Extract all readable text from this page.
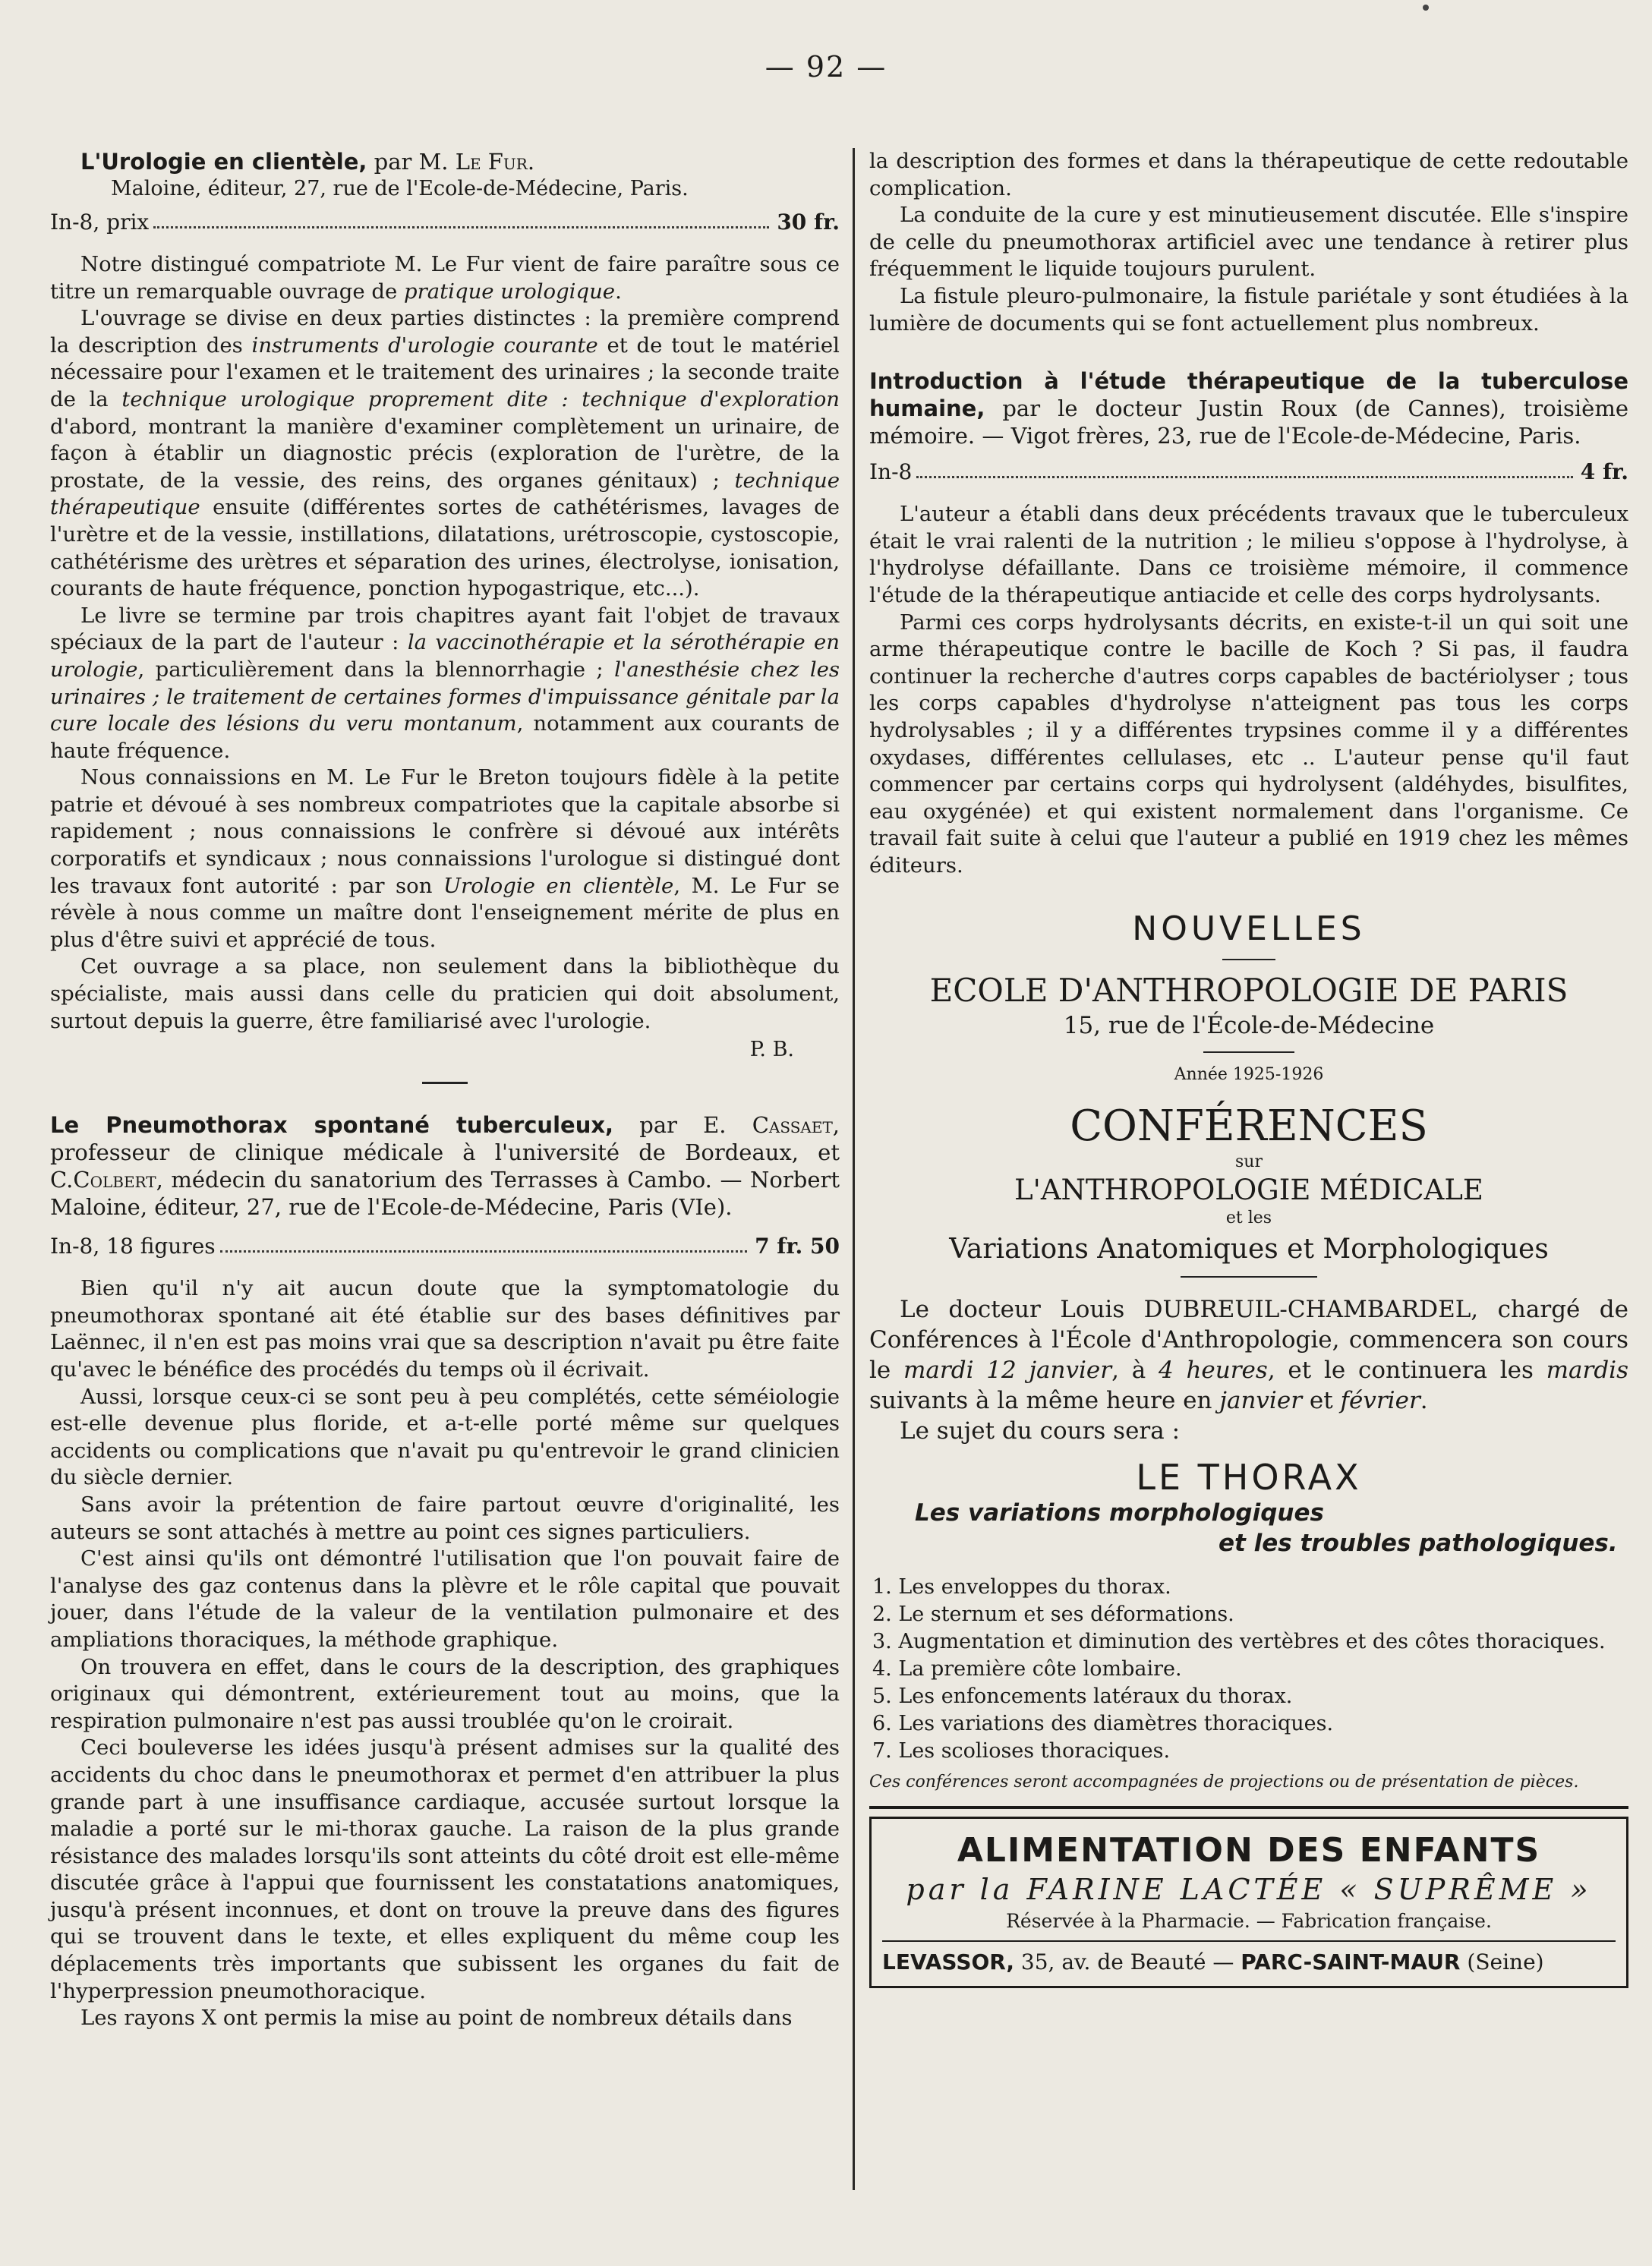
— 92 —

L'Urologie en clientèle, par M. Le Fur.

Maloine, éditeur, 27, rue de l'Ecole-de-Médecine, Paris.

In-8, prix	30 fr.

Notre distingué compatriote M. Le Fur vient de faire paraître sous ce titre un remarquable ouvrage de pratique urologique.

L'ouvrage se divise en deux parties distinctes : la première comprend la description des instruments d'urologie courante et de tout le matériel nécessaire pour l'examen et le traitement des urinaires ; la seconde traite de la technique urologique proprement dite : technique d'exploration d'abord, montrant la manière d'examiner complètement un urinaire, de façon à établir un diagnostic précis (exploration de l'urètre, de la prostate, de la vessie, des reins, des organes génitaux) ; technique thérapeutique ensuite (différentes sortes de cathétérismes, lavages de l'urètre et de la vessie, instillations, dilatations, urétroscopie, cystoscopie, cathétérisme des urètres et séparation des urines, électrolyse, ionisation, courants de haute fréquence, ponction hypogastrique, etc...).

Le livre se termine par trois chapitres ayant fait l'objet de travaux spéciaux de la part de l'auteur : la vaccinothérapie et la sérothérapie en urologie, particulièrement dans la blennorrhagie ; l'anesthésie chez les urinaires ; le traitement de certaines formes d'impuissance génitale par la cure locale des lésions du veru montanum, notamment aux courants de haute fréquence.

Nous connaissions en M. Le Fur le Breton toujours fidèle à la petite patrie et dévoué à ses nombreux compatriotes que la capitale absorbe si rapidement ; nous connaissions le confrère si dévoué aux intérêts corporatifs et syndicaux ; nous connaissions l'urologue si distingué dont les travaux font autorité : par son Urologie en clientèle, M. Le Fur se révèle à nous comme un maître dont l'enseignement mérite de plus en plus d'être suivi et apprécié de tous.

Cet ouvrage a sa place, non seulement dans la bibliothèque du spécialiste, mais aussi dans celle du praticien qui doit absolument, surtout depuis la guerre, être familiarisé avec l'urologie.

P. B.

Le Pneumothorax spontané tuberculeux, par E. Cassaet, professeur de clinique médicale à l'université de Bordeaux, et C.Colbert, médecin du sanatorium des Terrasses à Cambo. — Norbert Maloine, éditeur, 27, rue de l'Ecole-de-Médecine, Paris (VIe).

In-8, 18 figures	7 fr. 50

Bien qu'il n'y ait aucun doute que la symptomatologie du pneumothorax spontané ait été établie sur des bases définitives par Laënnec, il n'en est pas moins vrai que sa description n'avait pu être faite qu'avec le bénéfice des procédés du temps où il écrivait.

Aussi, lorsque ceux-ci se sont peu à peu complétés, cette séméiologie est-elle devenue plus floride, et a-t-elle porté même sur quelques accidents ou complications que n'avait pu qu'entrevoir le grand clinicien du siècle dernier.

Sans avoir la prétention de faire partout œuvre d'originalité, les auteurs se sont attachés à mettre au point ces signes particuliers.

C'est ainsi qu'ils ont démontré l'utilisation que l'on pouvait faire de l'analyse des gaz contenus dans la plèvre et le rôle capital que pouvait jouer, dans l'étude de la valeur de la ventilation pulmonaire et des ampliations thoraciques, la méthode graphique.

On trouvera en effet, dans le cours de la description, des graphiques originaux qui démontrent, extérieurement tout au moins, que la respiration pulmonaire n'est pas aussi troublée qu'on le croirait.

Ceci bouleverse les idées jusqu'à présent admises sur la qualité des accidents du choc dans le pneumothorax et permet d'en attribuer la plus grande part à une insuffisance cardiaque, accusée surtout lorsque la maladie a porté sur le mi-thorax gauche. La raison de la plus grande résistance des malades lorsqu'ils sont atteints du côté droit est elle-même discutée grâce à l'appui que fournissent les constatations anatomiques, jusqu'à présent inconnues, et dont on trouve la preuve dans des figures qui se trouvent dans le texte, et elles expliquent du même coup les déplacements très importants que subissent les organes du fait de l'hyperpression pneumothoracique.

Les rayons X ont permis la mise au point de nombreux détails dans

la description des formes et dans la thérapeutique de cette redoutable complication.

La conduite de la cure y est minutieusement discutée. Elle s'inspire de celle du pneumothorax artificiel avec une tendance à retirer plus fréquemment le liquide toujours purulent.

La fistule pleuro-pulmonaire, la fistule pariétale y sont étudiées à la lumière de documents qui se font actuellement plus nombreux.

Introduction à l'étude thérapeutique de la tuberculose humaine, par le docteur Justin Roux (de Cannes), troisième mémoire. — Vigot frères, 23, rue de l'Ecole-de-Médecine, Paris.

In-8	4 fr.

L'auteur a établi dans deux précédents travaux que le tuberculeux était le vrai ralenti de la nutrition ; le milieu s'oppose à l'hydrolyse, à l'hydrolyse défaillante. Dans ce troisième mémoire, il commence l'étude de la thérapeutique antiacide et celle des corps hydrolysants.

Parmi ces corps hydrolysants décrits, en existe-t-il un qui soit une arme thérapeutique contre le bacille de Koch ? Si pas, il faudra continuer la recherche d'autres corps capables de bactériolyser ; tous les corps capables d'hydrolyse n'atteignent pas tous les corps hydrolysables ; il y a différentes trypsines comme il y a différentes oxydases, différentes cellulases, etc .. L'auteur pense qu'il faut commencer par certains corps qui hydrolysent (aldéhydes, bisulfites, eau oxygénée) et qui existent normalement dans l'organisme. Ce travail fait suite à celui que l'auteur a publié en 1919 chez les mêmes éditeurs.

NOUVELLES

ECOLE D'ANTHROPOLOGIE DE PARIS

15, rue de l'École-de-Médecine

Année 1925-1926

CONFÉRENCES

sur

L'ANTHROPOLOGIE MÉDICALE

et les

Variations Anatomiques et Morphologiques

Le docteur Louis DUBREUIL-CHAMBARDEL, chargé de Conférences à l'École d'Anthropologie, commencera son cours le mardi 12 janvier, à 4 heures, et le continuera les mardis suivants à la même heure en janvier et février.

Le sujet du cours sera :

LE THORAX

Les variations morphologiques

et les troubles pathologiques.

1. Les enveloppes du thorax.
2. Le sternum et ses déformations.
3. Augmentation et diminution des vertèbres et des côtes thoraciques.
4. La première côte lombaire.
5. Les enfoncements latéraux du thorax.
6. Les variations des diamètres thoraciques.
7. Les scolioses thoraciques.

Ces conférences seront accompagnées de projections ou de présentation de pièces.

ALIMENTATION DES ENFANTS

par la FARINE LACTÉE « SUPRÊME »

Réservée à la Pharmacie. — Fabrication française.

LEVASSOR, 35, av. de Beauté — PARC-SAINT-MAUR (Seine)
